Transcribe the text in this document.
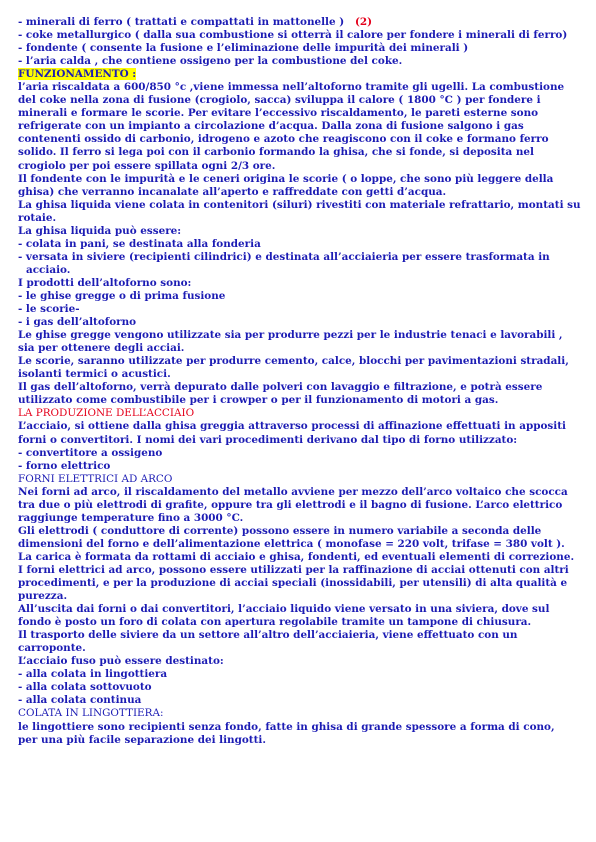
- minerali di ferro ( trattati e compattati in mattonelle ) (2)
- coke metallurgico ( dalla sua combustione si otterrà il calore per fondere i minerali di ferro)
- fondente ( consente la fusione e l’eliminazione delle impurità dei minerali )
- l’aria calda , che contiene ossigeno per la combustione del coke.
FUNZIONAMENTO :
l’aria riscaldata a 600/850 °c ,viene immessa nell’altoforno tramite gli ugelli. La combustione
del coke nella zona di fusione (crogiolo, sacca) sviluppa il calore ( 1800 °C ) per fondere i
minerali e formare le scorie. Per evitare l’eccessivo riscaldamento, le pareti esterne sono
refrigerate con un impianto a circolazione d’acqua. Dalla zona di fusione salgono i gas
contenenti ossido di carbonio, idrogeno e azoto che reagiscono con il coke e formano ferro
solido. Il ferro si lega poi con il carbonio formando la ghisa, che si fonde, si deposita nel
crogiolo per poi essere spillata ogni 2/3 ore.
Il fondente con le impurità e le ceneri origina le scorie ( o loppe, che sono più leggere della
ghisa) che verranno incanalate all’aperto e raffreddate con getti d’acqua.
La ghisa liquida viene colata in contenitori (siluri) rivestiti con materiale refrattario, montati su
rotaie.
La ghisa liquida può essere:
- colata in pani, se destinata alla fonderia
- versata in siviere (recipienti cilindrici) e destinata all’acciaieria per essere trasformata in
acciaio.
I prodotti dell’altoforno sono:
- le ghise gregge o di prima fusione
- le scorie-
- i gas dell’altoforno
Le ghise gregge vengono utilizzate sia per produrre pezzi per le industrie tenaci e lavorabili ,
sia per ottenere degli acciai.
Le scorie, saranno utilizzate per produrre cemento, calce, blocchi per pavimentazioni stradali,
isolanti termici o acustici.
Il gas dell’altoforno, verrà depurato dalle polveri con lavaggio e filtrazione, e potrà essere
utilizzato come combustibile per i crowper o per il funzionamento di motori a gas.
LA PRODUZIONE DELL’ACCIAIO
L’acciaio, si ottiene dalla ghisa greggia attraverso processi di affinazione effettuati in appositi
forni o convertitori. I nomi dei vari procedimenti derivano dal tipo di forno utilizzato:
- convertitore a ossigeno
- forno elettrico
FORNI ELETTRICI AD ARCO
Nei forni ad arco, il riscaldamento del metallo avviene per mezzo dell’arco voltaico che scocca
tra due o più elettrodi di grafite, oppure tra gli elettrodi e il bagno di fusione. L’arco elettrico
raggiunge temperature fino a 3000 °C.
Gli elettrodi ( conduttore di corrente) possono essere in numero variabile a seconda delle
dimensioni del forno e dell’alimentazione elettrica ( monofase = 220 volt, trifase = 380 volt ).
La carica è formata da rottami di acciaio e ghisa, fondenti, ed eventuali elementi di correzione.
I forni elettrici ad arco, possono essere utilizzati per la raffinazione di acciai ottenuti con altri
procedimenti, e per la produzione di acciai speciali (inossidabili, per utensili) di alta qualità e
purezza.
All’uscita dai forni o dai convertitori, l’acciaio liquido viene versato in una siviera, dove sul
fondo è posto un foro di colata con apertura regolabile tramite un tampone di chiusura.
Il trasporto delle siviere da un settore all’altro dell’acciaieria, viene effettuato con un
carroponte.
L’acciaio fuso può essere destinato:
- alla colata in lingottiera
- alla colata sottovuoto
- alla colata continua
COLATA IN LINGOTTIERA:
le lingottiere sono recipienti senza fondo, fatte in ghisa di grande spessore a forma di cono,
per una più facile separazione dei lingotti.
